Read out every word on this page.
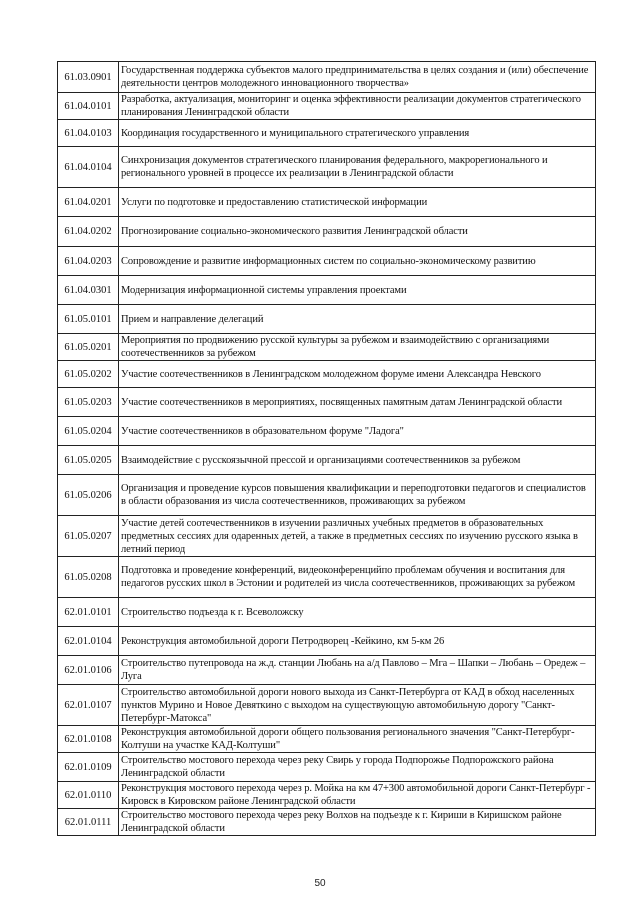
61.03.0901	Государственная поддержка субъектов малого предпринимательства в целях создания и (или) обеспечение деятельности центров молодежного инновационного творчества»
61.04.0101	Разработка, актуализация, мониторинг и оценка эффективности реализации документов стратегического планирования Ленинградской области
61.04.0103	Координация государственного и муниципального стратегического управления
61.04.0104	Синхронизация документов стратегического планирования федерального, макрорегионального и регионального уровней в процессе их реализации в Ленинградской области
61.04.0201	Услуги по подготовке и предоставлению статистической информации
61.04.0202	Прогнозирование социально-экономического развития Ленинградской области
61.04.0203	Сопровождение и развитие информационных систем по социально-экономическому развитию
61.04.0301	Модернизация информационной системы управления проектами
61.05.0101	Прием и направление делегаций
61.05.0201	Мероприятия по продвижению русской культуры за рубежом и взаимодействию с организациями соотечественников за рубежом
61.05.0202	Участие соотечественников в Ленинградском молодежном форуме имени Александра Невского
61.05.0203	Участие соотечественников в мероприятиях, посвященных памятным датам Ленинградской области
61.05.0204	Участие соотечественников в образовательном форуме "Ладога"
61.05.0205	Взаимодействие с русскоязычной прессой и организациями соотечественников за рубежом
61.05.0206	Организация и проведение курсов повышения квалификации и переподготовки педагогов и специалистов в области образования из числа соотечественников, проживающих за рубежом
61.05.0207	Участие детей соотечественников в изучении различных учебных предметов в образовательных предметных сессиях для одаренных детей, а также в предметных сессиях по изучению русского языка в летний период
61.05.0208	Подготовка и проведение конференций, видеоконференцийпо проблемам обучения и воспитания для педагогов русских школ в Эстонии и родителей из числа соотечественников, проживающих за рубежом
62.01.0101	Строительство подъезда к г. Всеволожску
62.01.0104	Реконструкция автомобильной дороги Петродворец -Кейкино, км 5-км 26
62.01.0106	Строительство путепровода на ж.д. станции Любань на а/д Павлово – Мга – Шапки – Любань – Оредеж – Луга
62.01.0107	Строительство автомобильной дороги нового выхода из Санкт-Петербурга от КАД в обход населенных пунктов Мурино и Новое Девяткино с выходом на существующую автомобильную дорогу "Санкт-Петербург-Матокса"
62.01.0108	Реконструкция автомобильной дороги общего пользования регионального значения "Санкт-Петербург-Колтуши на участке КАД-Колтуши"
62.01.0109	Строительство мостового перехода через реку Свирь у города Подпорожье Подпорожского района Ленинградской области
62.01.0110	Реконструкция мостового перехода через р. Мойка на км 47+300 автомобильной дороги Санкт-Петербург - Кировск в Кировском районе Ленинградской области
62.01.0111	Строительство мостового перехода через реку Волхов на подъезде к г. Кириши в Киришском районе Ленинградской области
50
